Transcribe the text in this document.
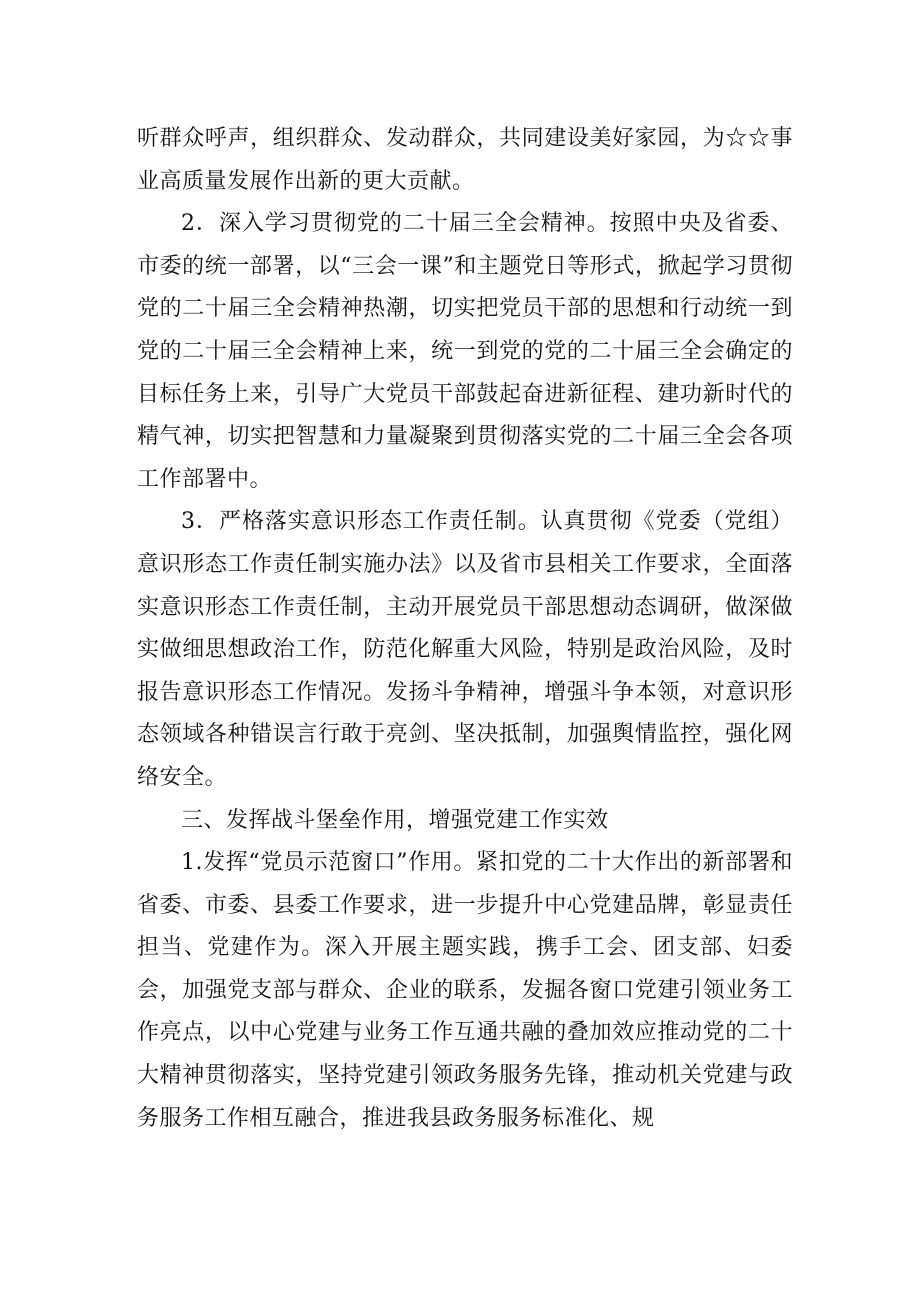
听群众呼声，组织群众、发动群众，共同建设美好家园，为☆☆事业高质量发展作出新的更大贡献。

2．深入学习贯彻党的二十届三全会精神。按照中央及省委、市委的统一部署，以“三会一课”和主题党日等形式，掀起学习贯彻党的二十届三全会精神热潮，切实把党员干部的思想和行动统一到党的二十届三全会精神上来，统一到党的党的二十届三全会确定的目标任务上来，引导广大党员干部鼓起奋进新征程、建功新时代的精气神，切实把智慧和力量凝聚到贯彻落实党的二十届三全会各项工作部署中。

3．严格落实意识形态工作责任制。认真贯彻《党委（党组）意识形态工作责任制实施办法》以及省市县相关工作要求，全面落实意识形态工作责任制，主动开展党员干部思想动态调研，做深做实做细思想政治工作，防范化解重大风险，特别是政治风险，及时报告意识形态工作情况。发扬斗争精神，增强斗争本领，对意识形态领域各种错误言行敢于亮剑、坚决抵制，加强舆情监控，强化网络安全。

三、发挥战斗堡垒作用，增强党建工作实效

1.发挥“党员示范窗口”作用。紧扣党的二十大作出的新部署和省委、市委、县委工作要求，进一步提升中心党建品牌，彰显责任担当、党建作为。深入开展主题实践，携手工会、团支部、妇委会，加强党支部与群众、企业的联系，发掘各窗口党建引领业务工作亮点，以中心党建与业务工作互通共融的叠加效应推动党的二十大精神贯彻落实，坚持党建引领政务服务先锋，推动机关党建与政务服务工作相互融合，推进我县政务服务标准化、规
